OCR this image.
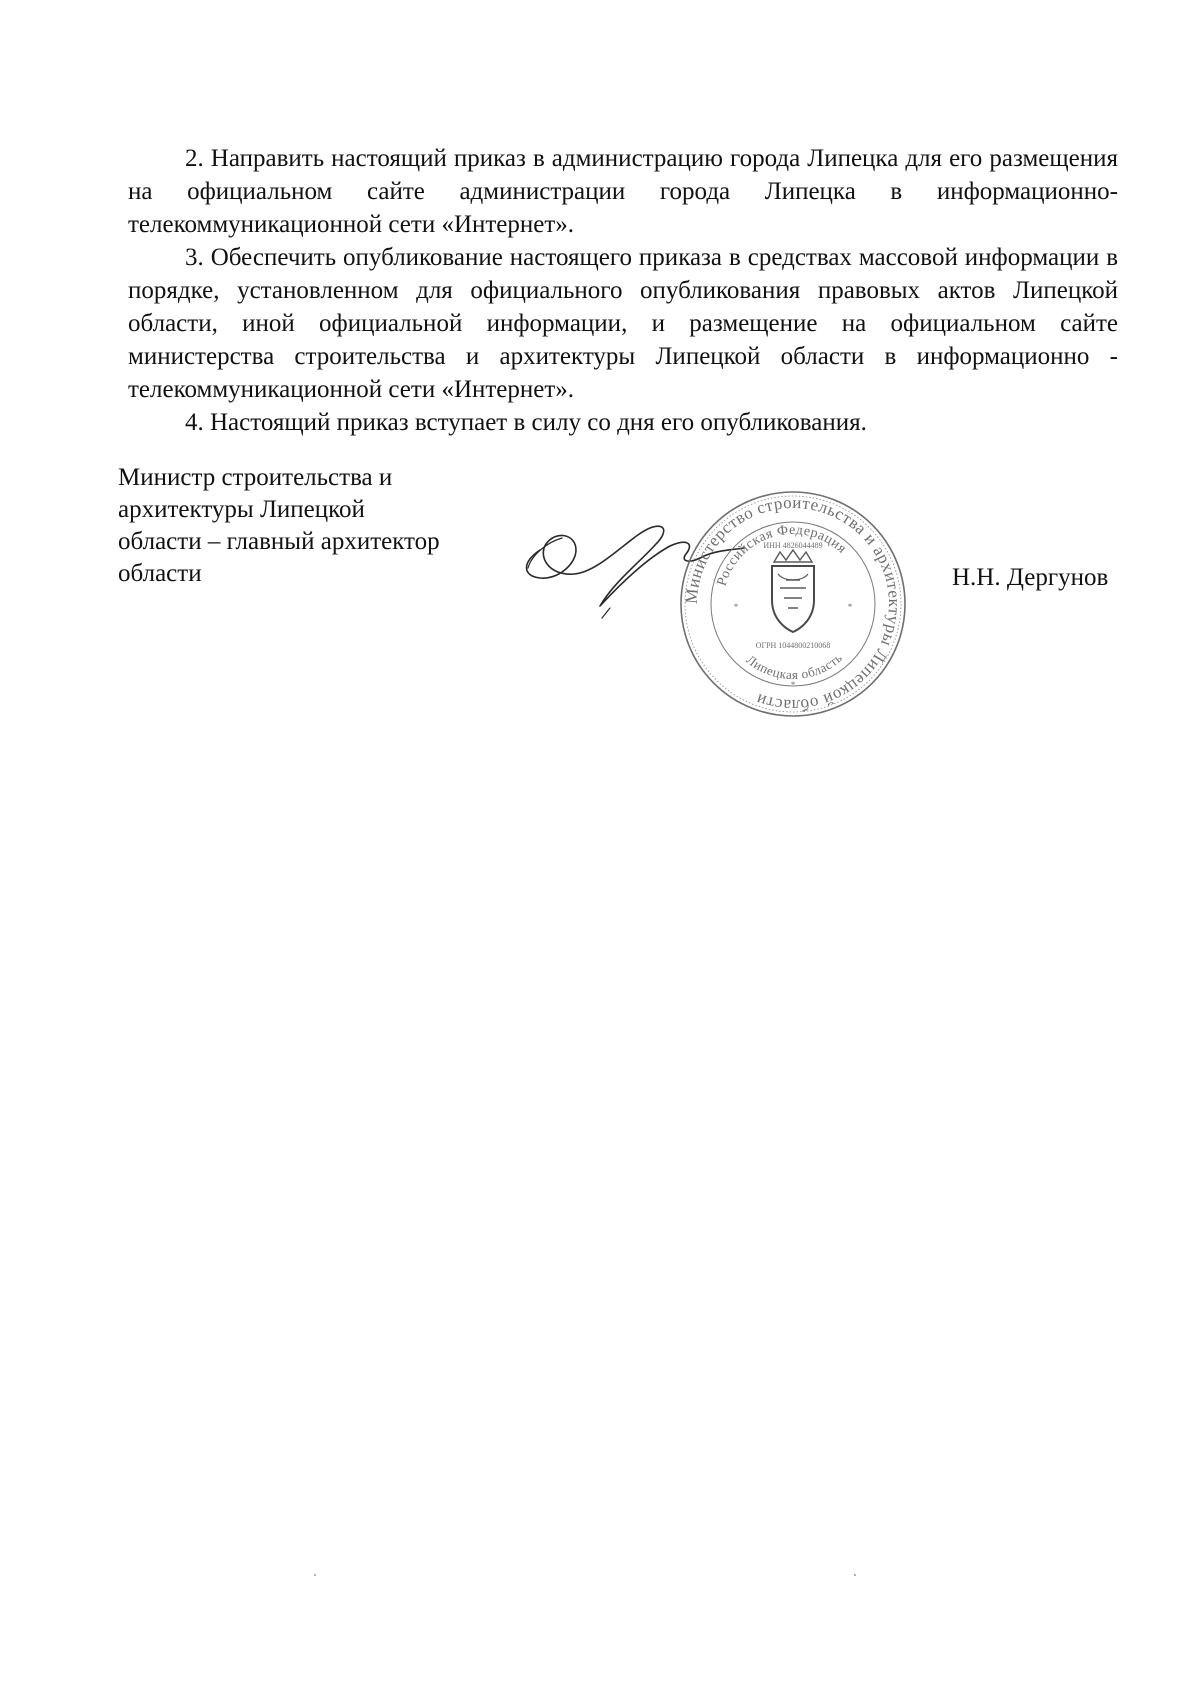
2. Направить настоящий приказ в администрацию города Липецка для его размещения на официальном сайте администрации города Липецка в информационно-телекоммуникационной сети «Интернет».

3. Обеспечить опубликование настоящего приказа в средствах массовой информации в порядке, установленном для официального опубликования правовых актов Липецкой области, иной официальной информации, и размещение на официальном сайте министерства строительства и архитектуры Липецкой области в информационно - телекоммуникационной сети «Интернет».

4. Настоящий приказ вступает в силу со дня его опубликования.

Министр строительства и
архитектуры Липецкой
области – главный архитектор
области
Министерство строительства и архитектуры Липецкой области
Российская Федерация
Липецкая область
ИНН 4826044489
ОГРН 1044800210068
*	*
*
Н.Н. Дергунов
